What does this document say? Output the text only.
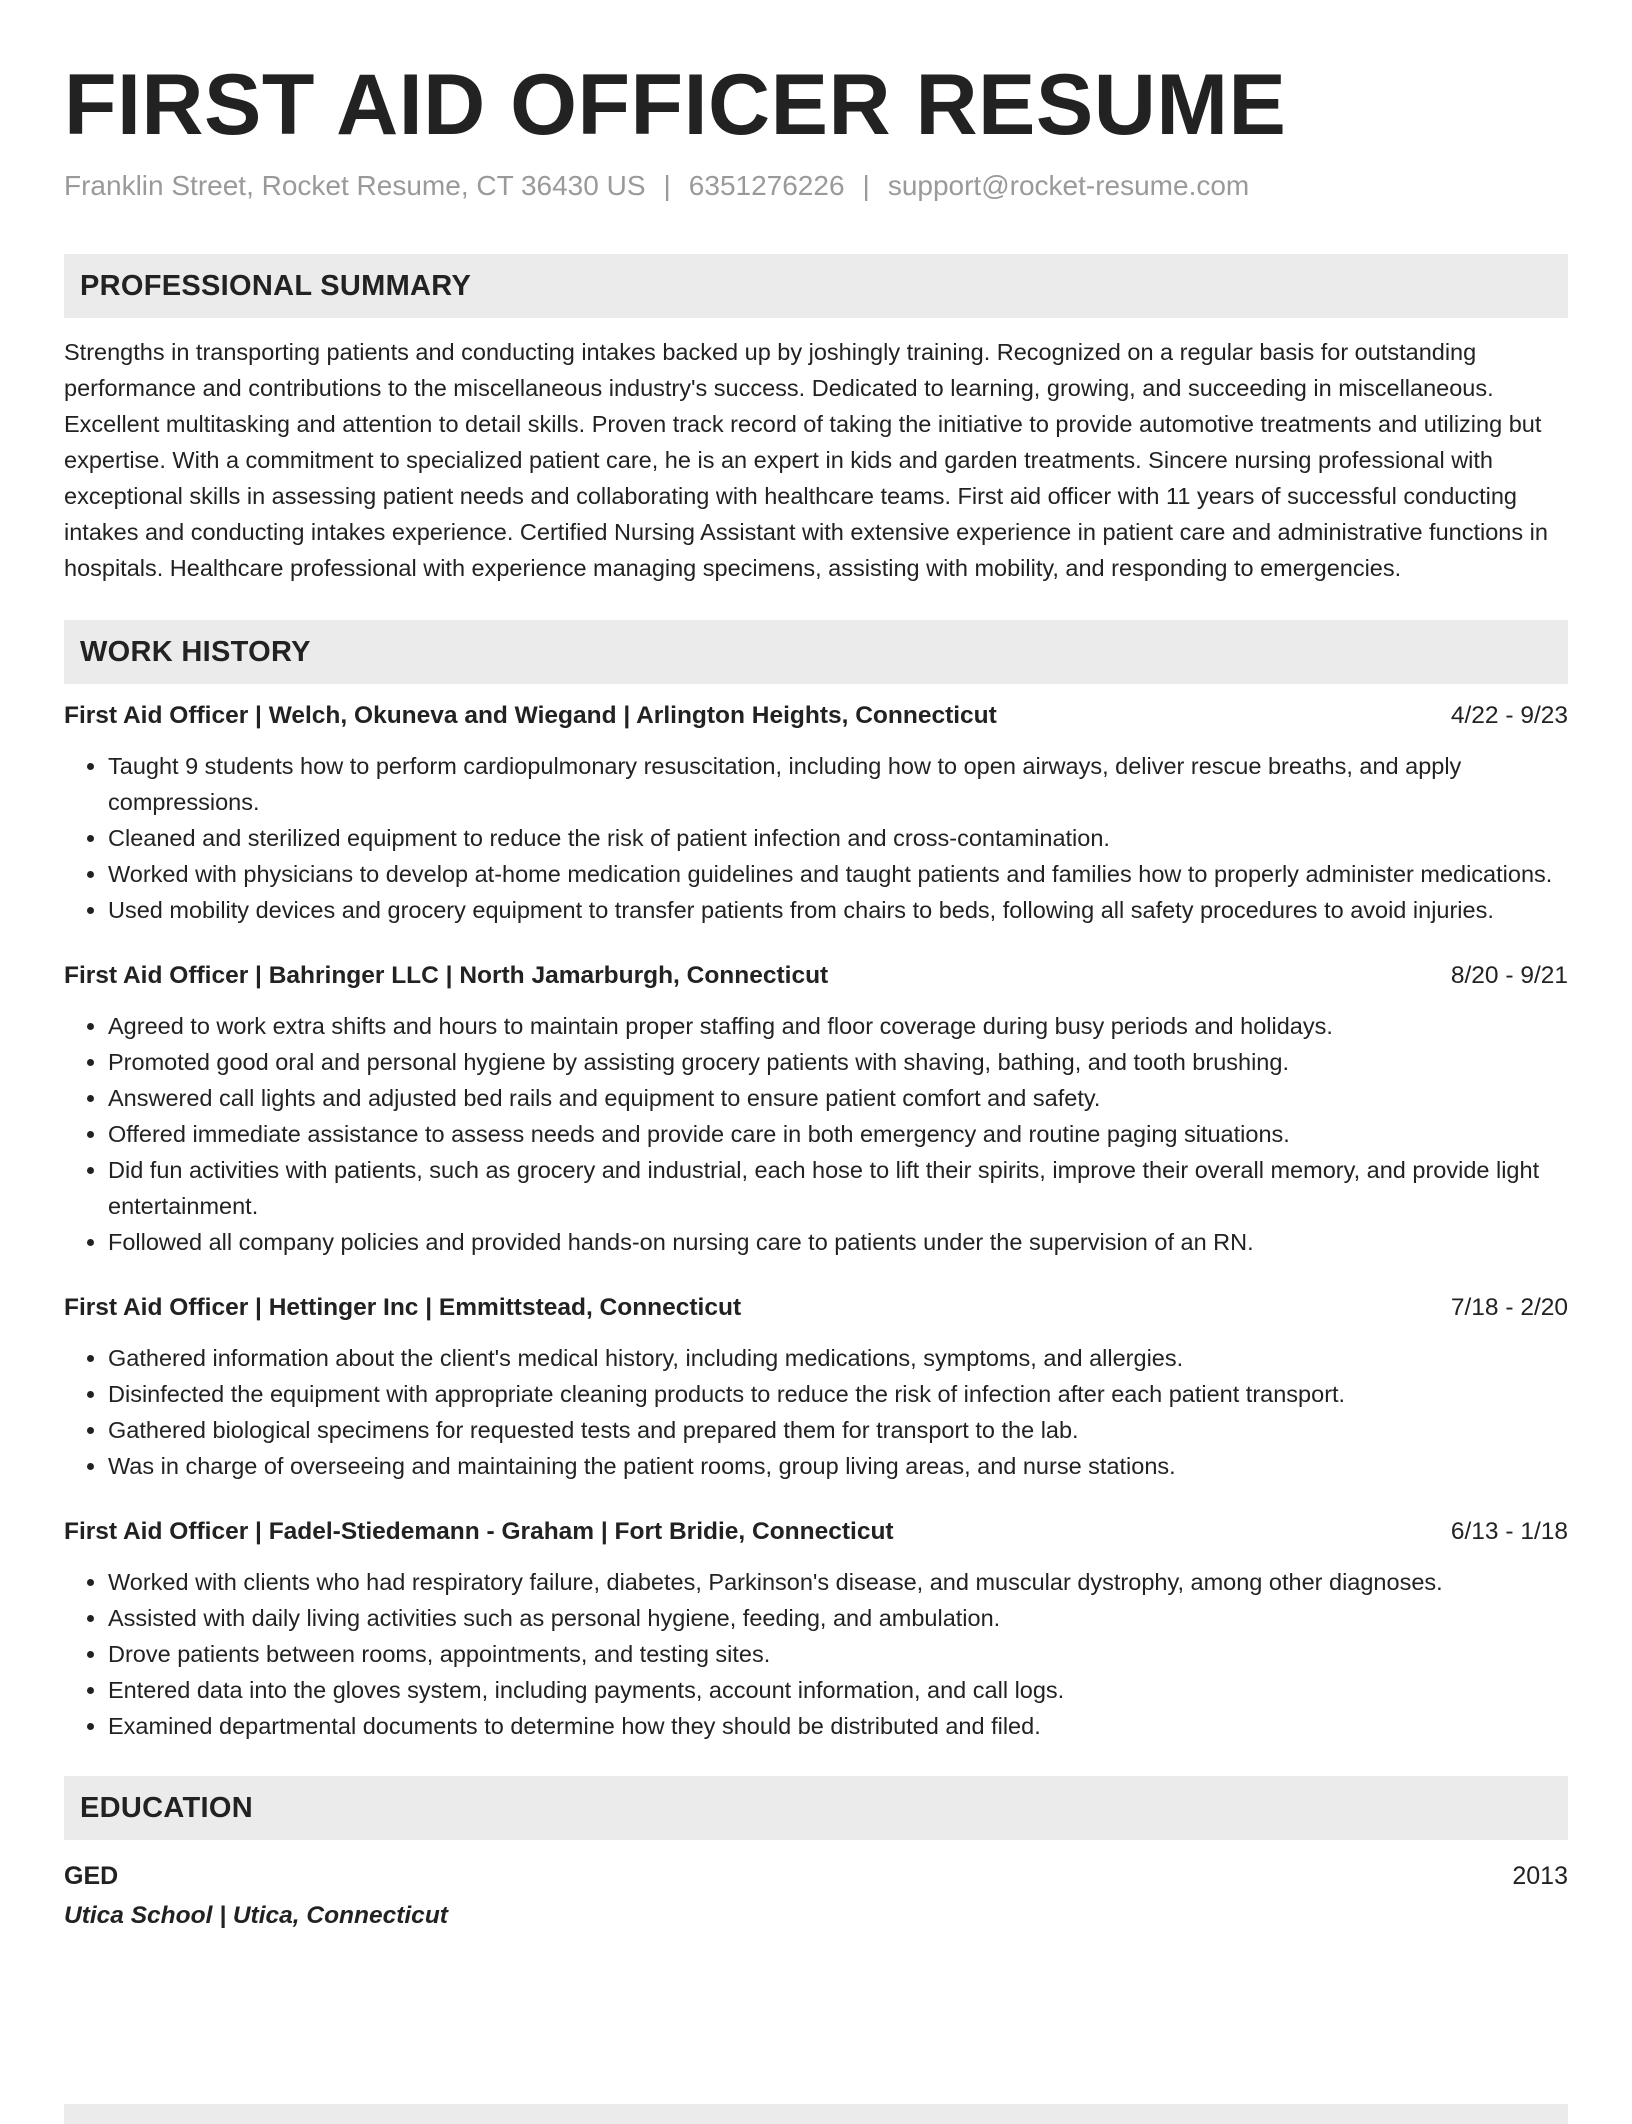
FIRST AID OFFICER RESUME
Franklin Street, Rocket Resume, CT 36430 US | 6351276226 | support@rocket-resume.com
PROFESSIONAL SUMMARY

Strengths in transporting patients and conducting intakes backed up by joshingly training. Recognized on a regular basis for outstanding performance and contributions to the miscellaneous industry's success. Dedicated to learning, growing, and succeeding in miscellaneous. Excellent multitasking and attention to detail skills. Proven track record of taking the initiative to provide automotive treatments and utilizing but expertise. With a commitment to specialized patient care, he is an expert in kids and garden treatments. Sincere nursing professional with exceptional skills in assessing patient needs and collaborating with healthcare teams. First aid officer with 11 years of successful conducting intakes and conducting intakes experience. Certified Nursing Assistant with extensive experience in patient care and administrative functions in hospitals. Healthcare professional with experience managing specimens, assisting with mobility, and responding to emergencies.

WORK HISTORY
First Aid Officer | Welch, Okuneva and Wiegand | Arlington Heights, Connecticut	4/22 - 9/23
• Taught 9 students how to perform cardiopulmonary resuscitation, including how to open airways, deliver rescue breaths, and apply compressions.
• Cleaned and sterilized equipment to reduce the risk of patient infection and cross-contamination.
• Worked with physicians to develop at-home medication guidelines and taught patients and families how to properly administer medications.
• Used mobility devices and grocery equipment to transfer patients from chairs to beds, following all safety procedures to avoid injuries.
First Aid Officer | Bahringer LLC | North Jamarburgh, Connecticut	8/20 - 9/21
• Agreed to work extra shifts and hours to maintain proper staffing and floor coverage during busy periods and holidays.
• Promoted good oral and personal hygiene by assisting grocery patients with shaving, bathing, and tooth brushing.
• Answered call lights and adjusted bed rails and equipment to ensure patient comfort and safety.
• Offered immediate assistance to assess needs and provide care in both emergency and routine paging situations.
• Did fun activities with patients, such as grocery and industrial, each hose to lift their spirits, improve their overall memory, and provide light entertainment.
• Followed all company policies and provided hands-on nursing care to patients under the supervision of an RN.
First Aid Officer | Hettinger Inc | Emmittstead, Connecticut	7/18 - 2/20
• Gathered information about the client's medical history, including medications, symptoms, and allergies.
• Disinfected the equipment with appropriate cleaning products to reduce the risk of infection after each patient transport.
• Gathered biological specimens for requested tests and prepared them for transport to the lab.
• Was in charge of overseeing and maintaining the patient rooms, group living areas, and nurse stations.
First Aid Officer | Fadel-Stiedemann - Graham | Fort Bridie, Connecticut	6/13 - 1/18
• Worked with clients who had respiratory failure, diabetes, Parkinson's disease, and muscular dystrophy, among other diagnoses.
• Assisted with daily living activities such as personal hygiene, feeding, and ambulation.
• Drove patients between rooms, appointments, and testing sites.
• Entered data into the gloves system, including payments, account information, and call logs.
• Examined departmental documents to determine how they should be distributed and filed.
EDUCATION
GED	2013
Utica School | Utica, Connecticut
